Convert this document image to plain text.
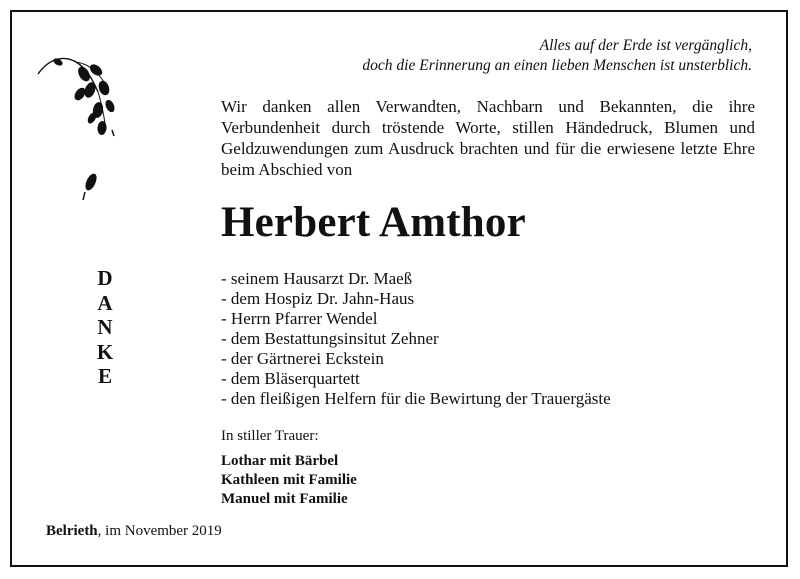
Alles auf der Erde ist vergänglich,
doch die Erinnerung an einen lieben Menschen ist unsterblich.
Wir danken allen Verwandten, Nachbarn und Bekannten, die ihre Verbundenheit durch tröstende Worte, stillen Händedruck, Blumen und Geldzuwendungen zum Ausdruck brachten und für die erwiesene letzte Ehre beim Abschied von
Herbert Amthor
D
A
N
K
E
- seinem Hausarzt Dr. Maeß
- dem Hospiz Dr. Jahn-Haus
- Herrn Pfarrer Wendel
- dem Bestattungsinsitut Zehner
- der Gärtnerei Eckstein
- dem Bläserquartett
- den fleißigen Helfern für die Bewirtung der Trauergäste
In stiller Trauer:
Lothar mit Bärbel
Kathleen mit Familie
Manuel mit Familie
Belrieth, im November 2019
